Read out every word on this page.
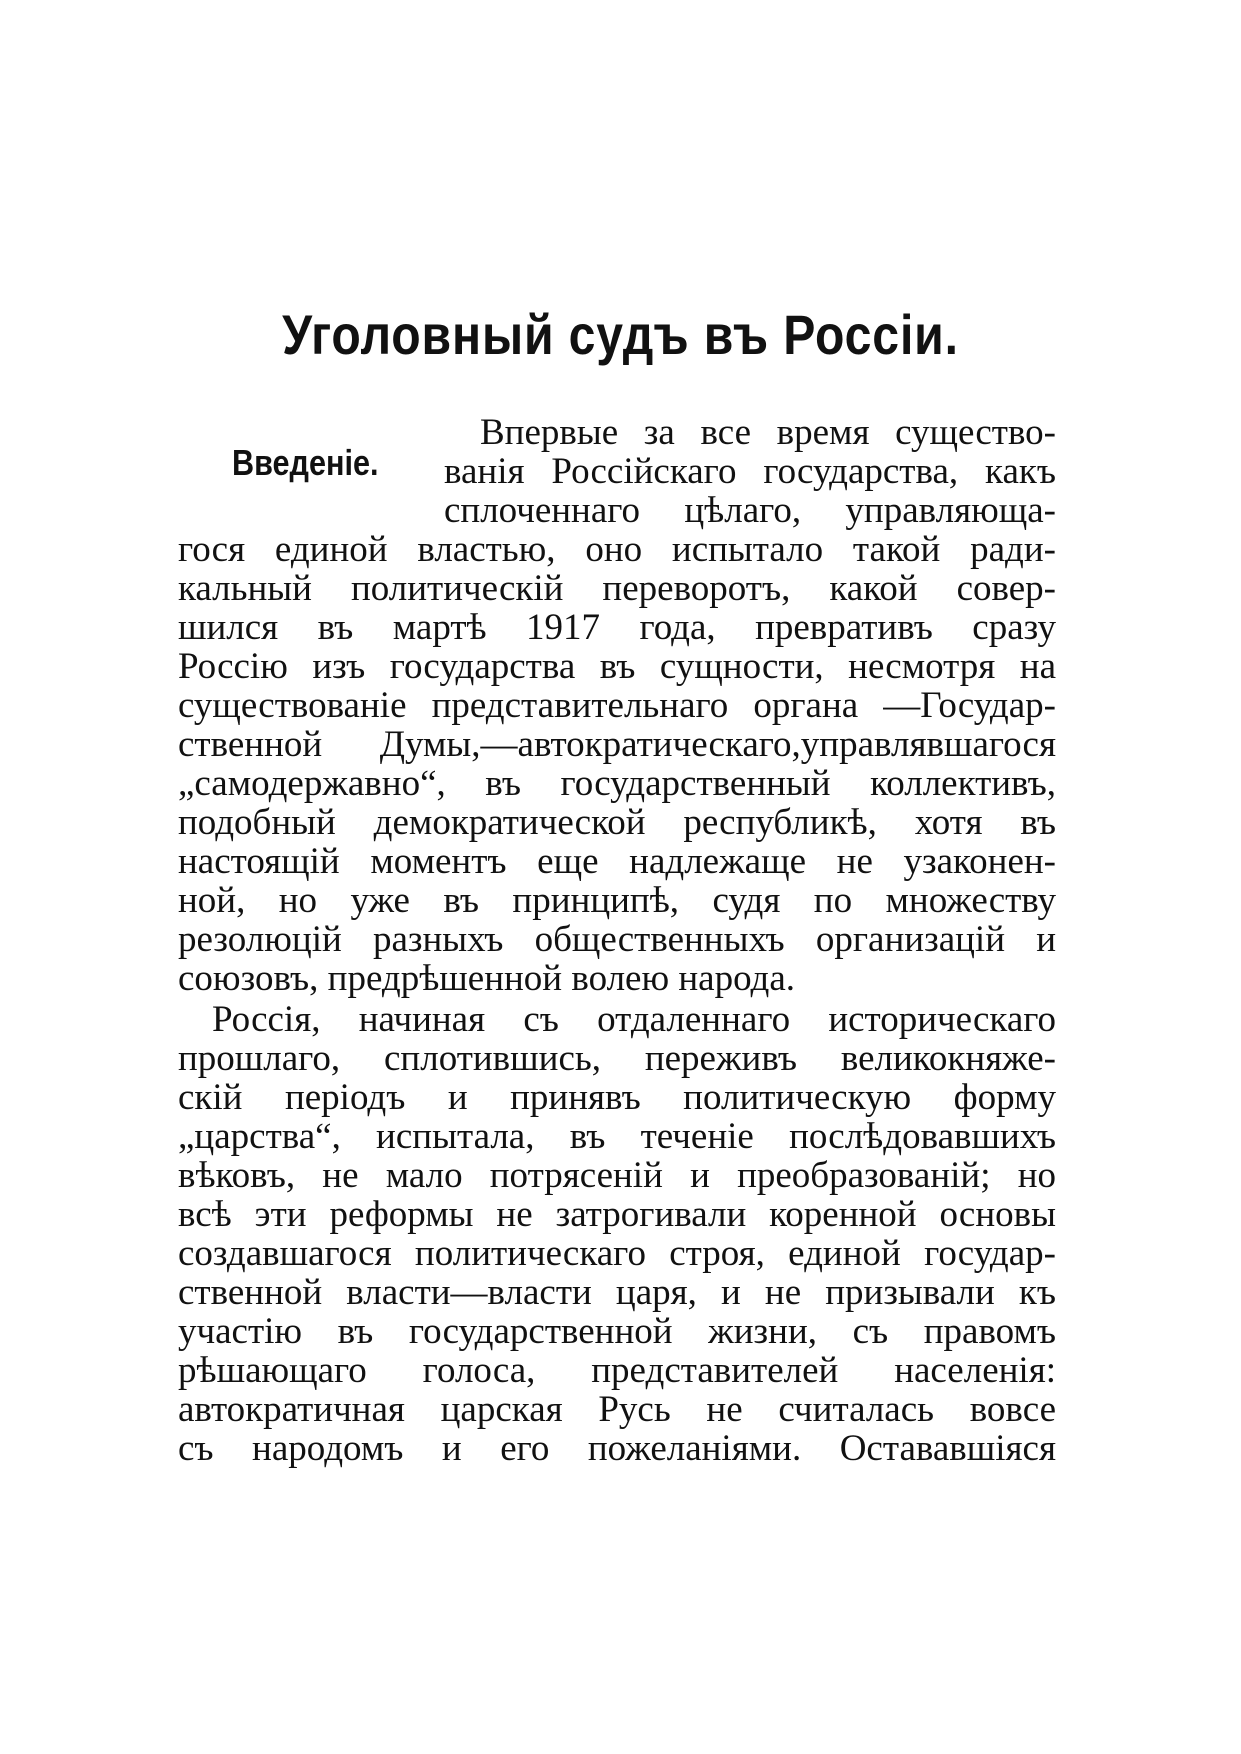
Уголовный судъ въ Россіи.
Введеніе.
Впервые за все время существо-
ванія Россійскаго государства, какъ
сплоченнаго цѣлаго, управляюща-
гося единой властью, оно испытало такой ради-
кальный политическій переворотъ, какой совер-
шился въ мартѣ 1917 года, превративъ сразу
Россію изъ государства въ сущности, несмотря на
существованіе представительнаго органа —Государ-
ственной Думы,—автократическаго,управлявшагося
„самодержавно“, въ государственный коллективъ,
подобный демократической республикѣ, хотя въ
настоящій моментъ еще надлежаще не узаконен-
ной, но уже въ принципѣ, судя по множеству
резолюцій разныхъ общественныхъ организацій и
союзовъ, предрѣшенной волею народа.
Россія, начиная съ отдаленнаго историческаго
прошлаго, сплотившись, переживъ великокняже-
скій періодъ и принявъ политическую форму
„царства“, испытала, въ теченіе послѣдовавшихъ
вѣковъ, не мало потрясеній и преобразованій; но
всѣ эти реформы не затрогивали коренной основы
создавшагося политическаго строя, единой государ-
ственной власти—власти царя, и не призывали къ
участію въ государственной жизни, съ правомъ
рѣшающаго голоса, представителей населенія:
автократичная царская Русь не считалась вовсе
съ народомъ и его пожеланіями. Остававшіяся
